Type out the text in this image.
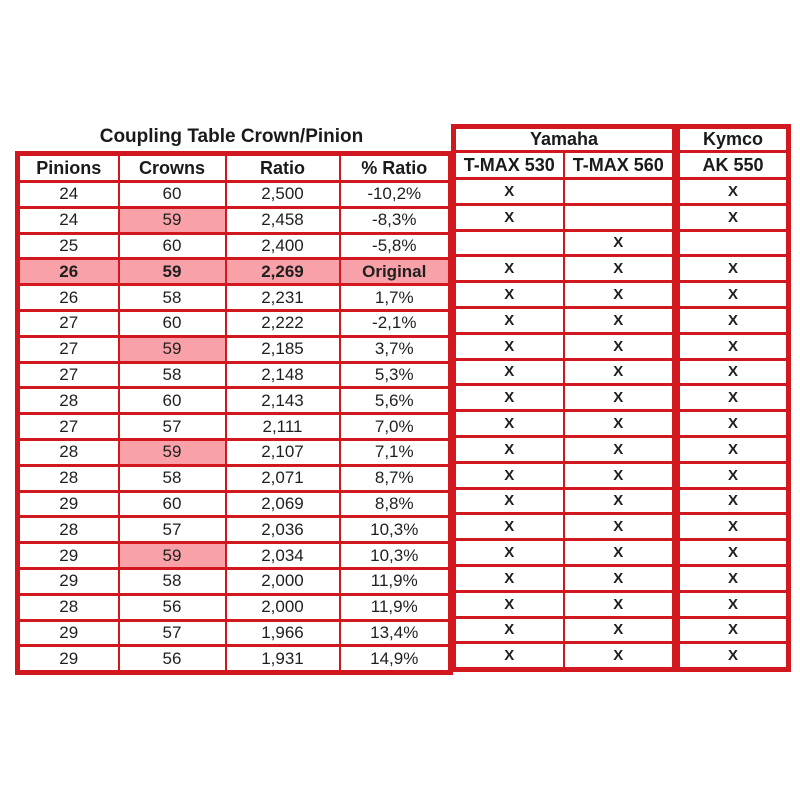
Coupling Table Crown/Pinion
Pinions	Crowns	Ratio	% Ratio
24	60	2,500	-10,2%
24	59	2,458	-8,3%
25	60	2,400	-5,8%
26	59	2,269	Original
26	58	2,231	1,7%
27	60	2,222	-2,1%
27	59	2,185	3,7%
27	58	2,148	5,3%
28	60	2,143	5,6%
27	57	2,111	7,0%
28	59	2,107	7,1%
28	58	2,071	8,7%
29	60	2,069	8,8%
28	57	2,036	10,3%
29	59	2,034	10,3%
29	58	2,000	11,9%
28	56	2,000	11,9%
29	57	1,966	13,4%
29	56	1,931	14,9%
Yamaha	
T-MAX 530	T-MAX 560
X	
X	
	X
X	X
X	X
X	X
X	X
X	X
X	X
X	X
X	X
X	X
X	X
X	X
X	X
X	X
X	X
X	X
X	X
Kymco
AK 550
X
X

X
X
X
X
X
X
X
X
X
X
X
X
X
X
X
X
